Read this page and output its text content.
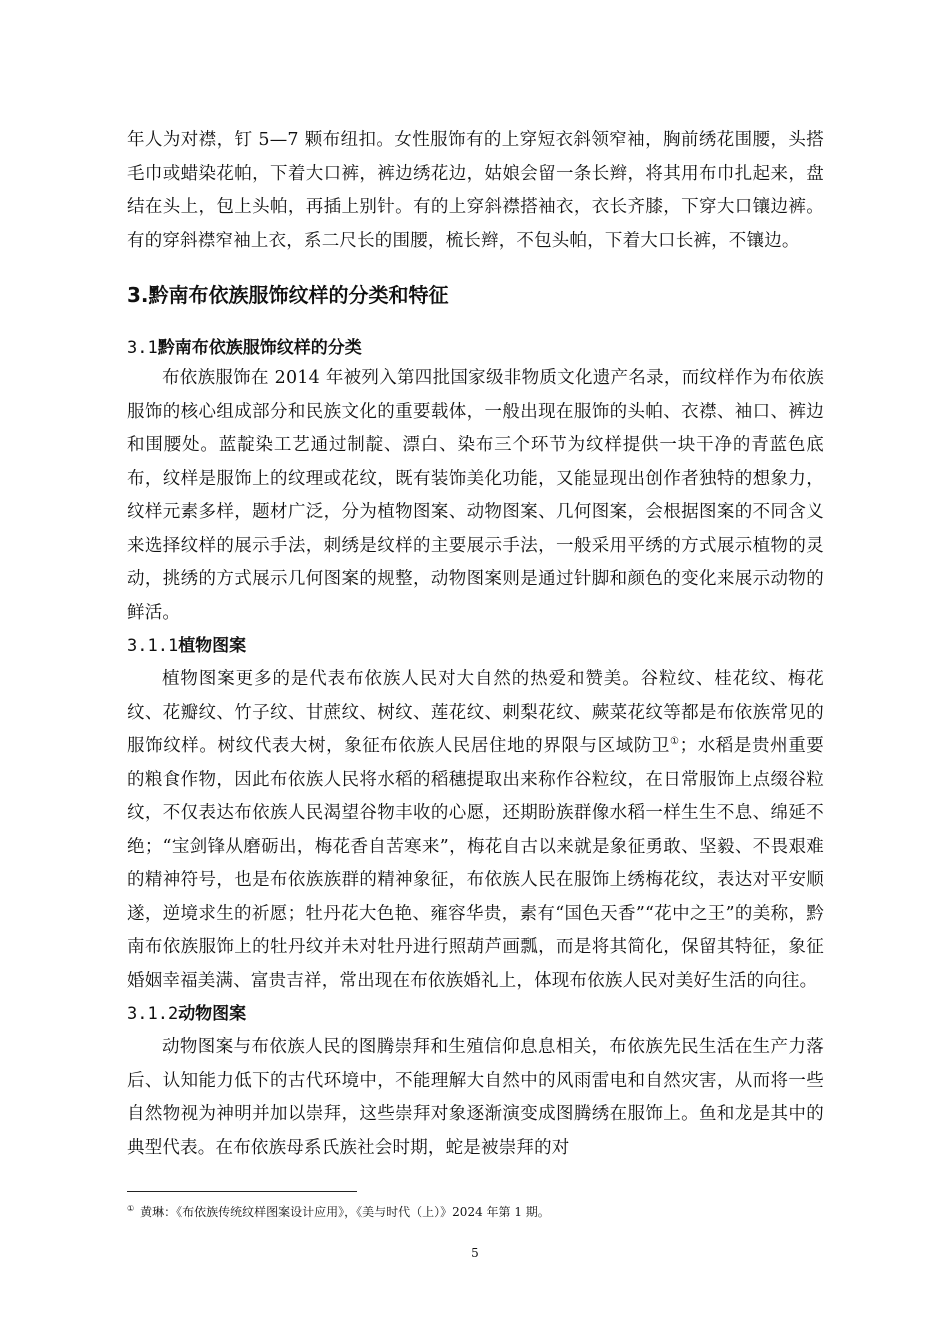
年人为对襟，钉 5—7 颗布纽扣。女性服饰有的上穿短衣斜领窄袖，胸前绣花围腰，头搭毛巾或蜡染花帕，下着大口裤，裤边绣花边，姑娘会留一条长辫，将其用布巾扎起来，盘结在头上，包上头帕，再插上别针。有的上穿斜襟搭袖衣，衣长齐膝，下穿大口镶边裤。有的穿斜襟窄袖上衣，系二尺长的围腰，梳长辫，不包头帕，下着大口长裤，不镶边。

3.黔南布依族服饰纹样的分类和特征
3.1黔南布依族服饰纹样的分类

布依族服饰在 2014 年被列入第四批国家级非物质文化遗产名录，而纹样作为布依族服饰的核心组成部分和民族文化的重要载体，一般出现在服饰的头帕、衣襟、袖口、裤边和围腰处。蓝靛染工艺通过制靛、漂白、染布三个环节为纹样提供一块干净的青蓝色底布，纹样是服饰上的纹理或花纹，既有装饰美化功能，又能显现出创作者独特的想象力，纹样元素多样，题材广泛，分为植物图案、动物图案、几何图案，会根据图案的不同含义来选择纹样的展示手法，刺绣是纹样的主要展示手法，一般采用平绣的方式展示植物的灵动，挑绣的方式展示几何图案的规整，动物图案则是通过针脚和颜色的变化来展示动物的鲜活。

3.1.1植物图案

植物图案更多的是代表布依族人民对大自然的热爱和赞美。谷粒纹、桂花纹、梅花纹、花瓣纹、竹子纹、甘蔗纹、树纹、莲花纹、刺梨花纹、蕨菜花纹等都是布依族常见的服饰纹样。树纹代表大树，象征布依族人民居住地的界限与区域防卫①；水稻是贵州重要的粮食作物，因此布依族人民将水稻的稻穗提取出来称作谷粒纹，在日常服饰上点缀谷粒纹，不仅表达布依族人民渴望谷物丰收的心愿，还期盼族群像水稻一样生生不息、绵延不绝；“宝剑锋从磨砺出，梅花香自苦寒来”，梅花自古以来就是象征勇敢、坚毅、不畏艰难的精神符号，也是布依族族群的精神象征，布依族人民在服饰上绣梅花纹，表达对平安顺遂，逆境求生的祈愿；牡丹花大色艳、雍容华贵，素有“国色天香”“花中之王”的美称，黔南布依族服饰上的牡丹纹并未对牡丹进行照葫芦画瓢，而是将其简化，保留其特征，象征婚姻幸福美满、富贵吉祥，常出现在布依族婚礼上，体现布依族人民对美好生活的向往。

3.1.2动物图案

动物图案与布依族人民的图腾崇拜和生殖信仰息息相关，布依族先民生活在生产力落后、认知能力低下的古代环境中，不能理解大自然中的风雨雷电和自然灾害，从而将一些自然物视为神明并加以崇拜，这些崇拜对象逐渐演变成图腾绣在服饰上。鱼和龙是其中的典型代表。在布依族母系氏族社会时期，蛇是被崇拜的对

① 黄琳：《布依族传统纹样图案设计应用》，《美与时代（上）》2024 年第 1 期。
5
